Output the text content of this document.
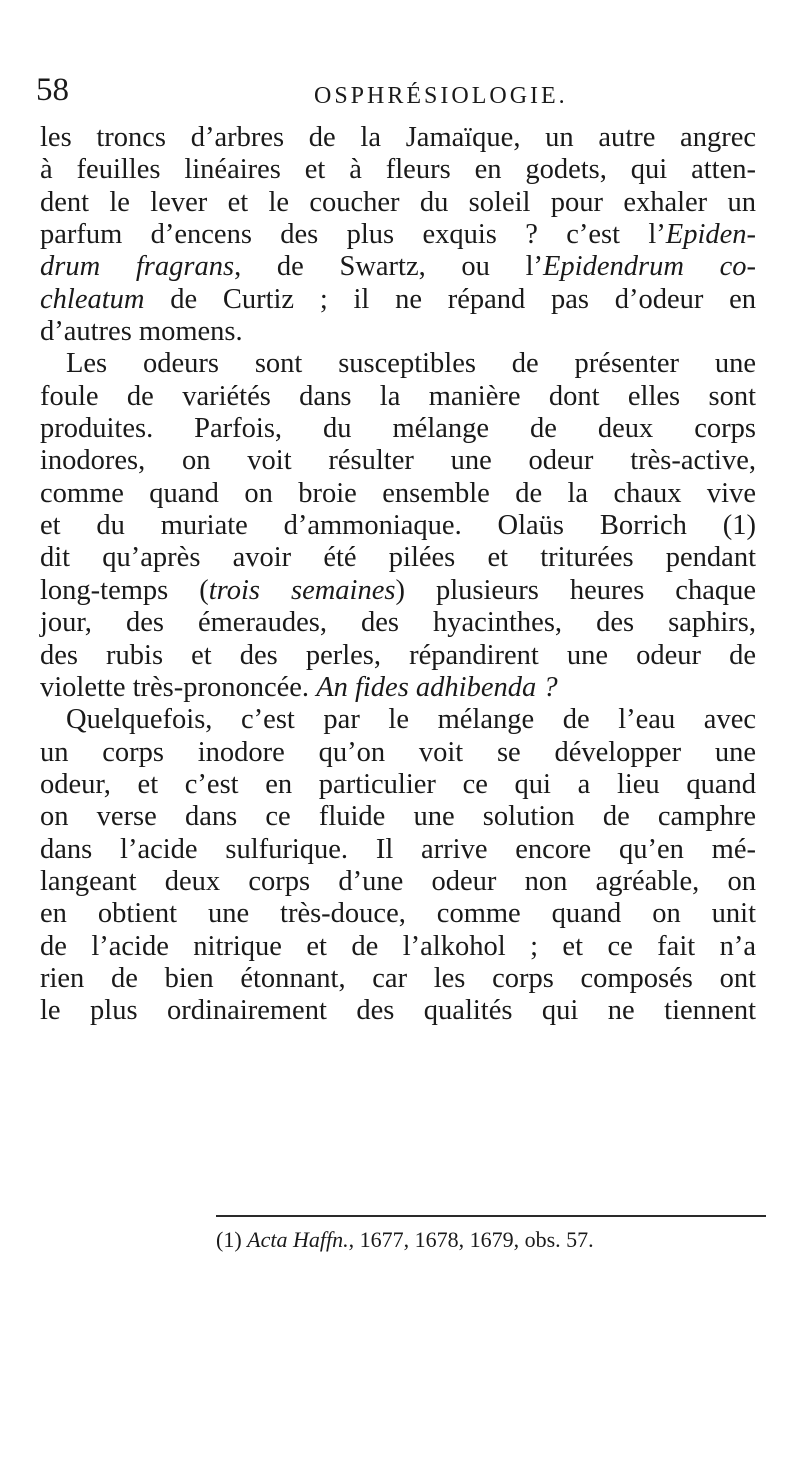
58	OSPHRÉSIOLOGIE.
les troncs d’arbres de la Jamaïque, un autre angrec
à feuilles linéaires et à fleurs en godets, qui atten-
dent le lever et le coucher du soleil pour exhaler un
parfum d’encens des plus exquis ? c’est l’Epiden-
drum fragrans, de Swartz, ou l’Epidendrum co-
chleatum de Curtiz ; il ne répand pas d’odeur en
d’autres momens.
Les odeurs sont susceptibles de présenter une
foule de variétés dans la manière dont elles sont
produites. Parfois, du mélange de deux corps
inodores, on voit résulter une odeur très-active,
comme quand on broie ensemble de la chaux vive
et du muriate d’ammoniaque. Olaüs Borrich (1)
dit qu’après avoir été pilées et triturées pendant
long-temps (trois semaines) plusieurs heures chaque
jour, des émeraudes, des hyacinthes, des saphirs,
des rubis et des perles, répandirent une odeur de
violette très-prononcée. An fides adhibenda ?
Quelquefois, c’est par le mélange de l’eau avec
un corps inodore qu’on voit se développer une
odeur, et c’est en particulier ce qui a lieu quand
on verse dans ce fluide une solution de camphre
dans l’acide sulfurique. Il arrive encore qu’en mé-
langeant deux corps d’une odeur non agréable, on
en obtient une très-douce, comme quand on unit
de l’acide nitrique et de l’alkohol ; et ce fait n’a
rien de bien étonnant, car les corps composés ont
le plus ordinairement des qualités qui ne tiennent
(1) Acta Haffn., 1677, 1678, 1679, obs. 57.
